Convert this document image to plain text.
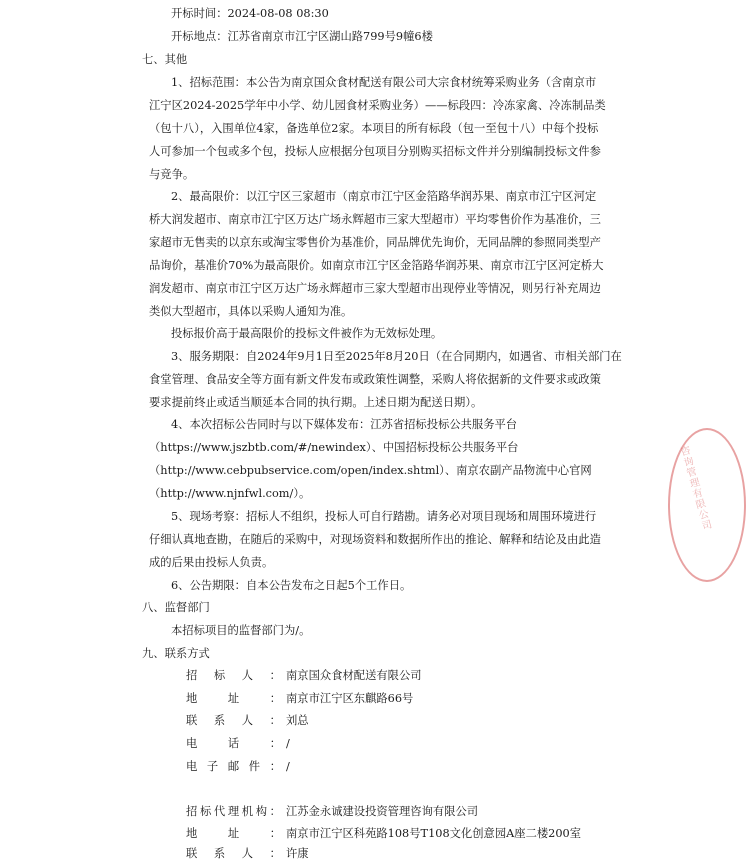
开标时间：2024-08-08 08:30
开标地点：江苏省南京市江宁区湖山路799号9幢6楼
七、其他
1、招标范围：本公告为南京国众食材配送有限公司大宗食材统筹采购业务（含南京市
江宁区2024-2025学年中小学、幼儿园食材采购业务）——标段四：冷冻家禽、冷冻制品类
（包十八），入围单位4家，备选单位2家。本项目的所有标段（包一至包十八）中每个投标
人可参加一个包或多个包，投标人应根据分包项目分别购买招标文件并分别编制投标文件参
与竞争。
2、最高限价：以江宁区三家超市（南京市江宁区金箔路华润苏果、南京市江宁区河定
桥大润发超市、南京市江宁区万达广场永辉超市三家大型超市）平均零售价作为基准价，三
家超市无售卖的以京东或淘宝零售价为基准价，同品牌优先询价，无同品牌的参照同类型产
品询价，基准价70%为最高限价。如南京市江宁区金箔路华润苏果、南京市江宁区河定桥大
润发超市、南京市江宁区万达广场永辉超市三家大型超市出现停业等情况，则另行补充周边
类似大型超市，具体以采购人通知为准。
投标报价高于最高限价的投标文件被作为无效标处理。
3、服务期限：自2024年9月1日至2025年8月20日（在合同期内，如遇省、市相关部门在
食堂管理、食品安全等方面有新文件发布或政策性调整，采购人将依据新的文件要求或政策
要求提前终止或适当顺延本合同的执行期。上述日期为配送日期）。
4、本次招标公告同时与以下媒体发布：江苏省招标投标公共服务平台
（https://www.jszbtb.com/#/newindex）、中国招标投标公共服务平台
（http://www.cebpubservice.com/open/index.shtml）、南京农副产品物流中心官网
（http://www.njnfwl.com/）。
5、现场考察：招标人不组织，投标人可自行踏勘。请务必对项目现场和周围环境进行
仔细认真地查勘，在随后的采购中，对现场资料和数据所作出的推论、解释和结论及由此造
成的后果由投标人负责。
6、公告期限：自本公告发布之日起5个工作日。
八、监督部门
本招标项目的监督部门为/。
九、联系方式
招 标 人 ： 南京国众食材配送有限公司
地	址	： 南京市江宁区东麒路66号
联 系 人 ： 刘总
电	话	： /
电 子 邮 件 ： /
招 标 代 理 机 构 ： 江苏金永诚建设投资管理咨询有限公司
地	址	： 南京市江宁区科苑路108号T108文化创意园A座二楼200室
联 系 人 ： 许康
咨询管理有限公司
